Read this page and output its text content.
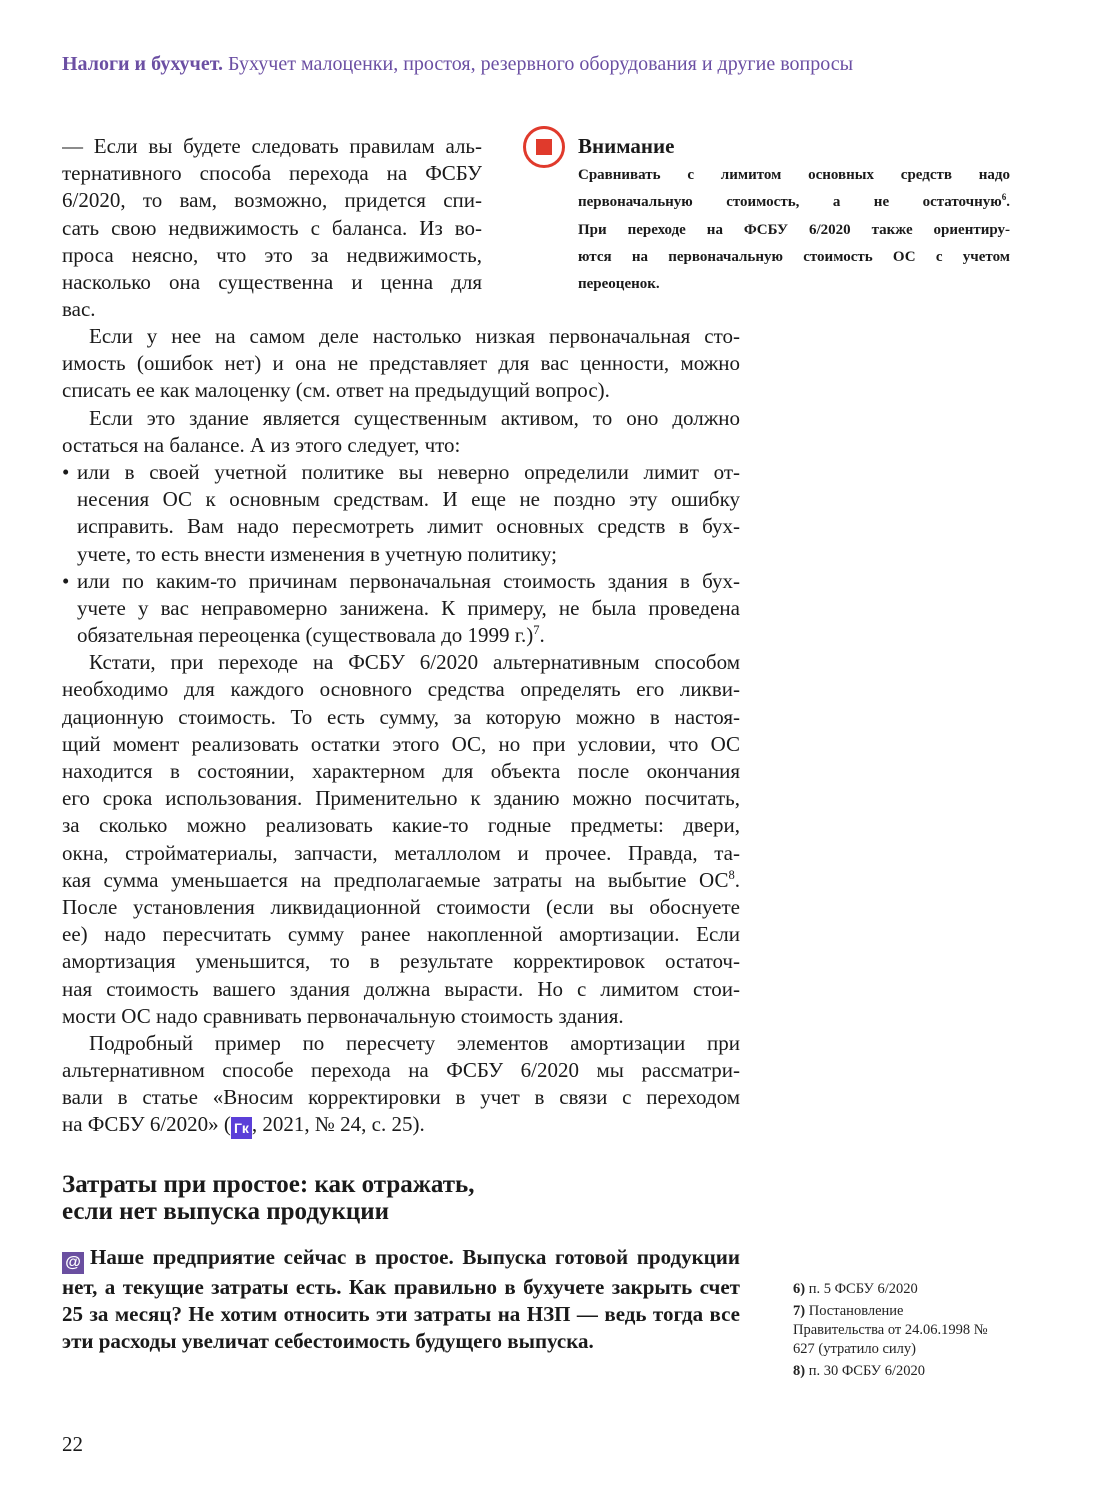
Налоги и бухучет. Бухучет малоценки, простоя, резервного оборудования и другие вопросы
— Если вы будете следовать правилам аль-
тернативного способа перехода на ФСБУ
6/2020, то вам, возможно, придется спи-
сать свою недвижимость с баланса. Из во-
проса неясно, что это за недвижимость,
насколько она существенна и ценна для
вас.
Внимание
Сравнивать с лимитом основных средств надо
первоначальную стоимость, а не остаточную$^6$.
При переходе на ФСБУ 6/2020 также ориентиру-
ются на первоначальную стоимость ОС с учетом
переоценок.
Если у нее на самом деле настолько низкая первоначальная сто-
имость (ошибок нет) и она не представляет для вас ценности, можно
списать ее как малоценку (см. ответ на предыдущий вопрос).
Если это здание является существенным активом, то оно должно
остаться на балансе. А из этого следует, что:
• или в своей учетной политике вы неверно определили лимит от-
несения ОС к основным средствам. И еще не поздно эту ошибку
исправить. Вам надо пересмотреть лимит основных средств в бух-
учете, то есть внести изменения в учетную политику;
• или по каким-то причинам первоначальная стоимость здания в бух-
учете у вас неправомерно занижена. К примеру, не была проведена
обязательная переоценка (существовала до 1999 г.)$^7$.
Кстати, при переходе на ФСБУ 6/2020 альтернативным способом
необходимо для каждого основного средства определять его ликви-
дационную стоимость. То есть сумму, за которую можно в настоя-
щий момент реализовать остатки этого ОС, но при условии, что ОС
находится в состоянии, характерном для объекта после окончания
его срока использования. Применительно к зданию можно посчитать,
за сколько можно реализовать какие-то годные предметы: двери,
окна, стройматериалы, запчасти, металлолом и прочее. Правда, та-
кая сумма уменьшается на предполагаемые затраты на выбытие $ОС^8$.
После установления ликвидационной стоимости (если вы обоснуете
ее) надо пересчитать сумму ранее накопленной амортизации. Если
амортизация уменьшится, то в результате корректировок остаточ-
ная стоимость вашего здания должна вырасти. Но с лимитом стои-
мости ОС надо сравнивать первоначальную стоимость здания.
Подробный пример по пересчету элементов амортизации при
альтернативном способе перехода на ФСБУ 6/2020 мы рассматри-
вали в статье «Вносим корректировки в учет в связи с переходом
на ФСБУ 6/2020» ( Гк , 2021, № 24, с. 25).
Затраты при простое: как отражать,
если нет выпуска продукции
@ Наше предприятие сейчас в простое. Выпуска готовой продукции нет, а текущие затраты есть. Как правильно в бухучете закрыть счет 25 за месяц? Не хотим относить эти затраты на НЗП — ведь тогда все эти расходы увеличат себестоимость будущего выпуска.
6) п. 5 ФСБУ 6/2020
7) Постановление Правительства от 24.06.1998 № 627 (утратило силу)
8) п. 30 ФСБУ 6/2020
22
